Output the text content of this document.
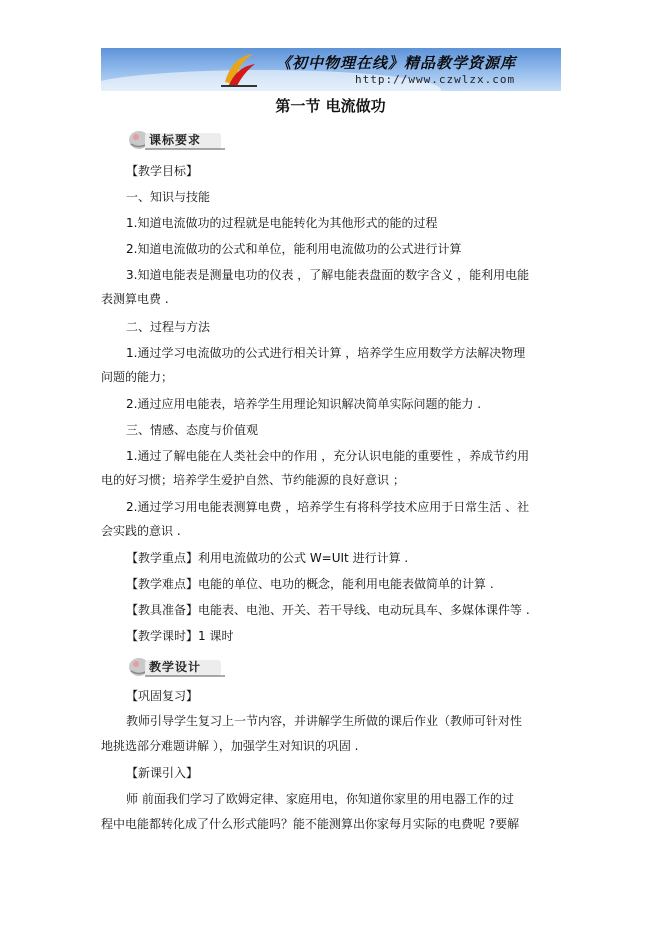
《初中物理在线》精品教学资源库
http://www.czwlzx.com
第一节 电流做功
课标要求
【教学目标】
一、知识与技能
1.知道电流做功的过程就是电能转化为其他形式的能的过程
2.知道电流做功的公式和单位，能利用电流做功的公式进行计算
3.知道电能表是测量电功的仪表 ，了解电能表盘面的数字含义 ，能利用电能
表测算电费 .
二、过程与方法
1.通过学习电流做功的公式进行相关计算 ，培养学生应用数学方法解决物理
问题的能力；
2.通过应用电能表，培养学生用理论知识解决简单实际问题的能力 .
三、情感、态度与价值观
1.通过了解电能在人类社会中的作用 ，充分认识电能的重要性 ，养成节约用
电的好习惯；培养学生爱护自然、节约能源的良好意识 ；
2.通过学习用电能表测算电费 ，培养学生有将科学技术应用于日常生活 、社
会实践的意识 .
【教学重点】利用电流做功的公式 W=UIt 进行计算 .
【教学难点】电能的单位、电功的概念，能利用电能表做简单的计算 .
【教具准备】电能表、电池、开关、若干导线、电动玩具车、多媒体课件等 .
【教学课时】1 课时
教学设计
【巩固复习】
教师引导学生复习上一节内容，并讲解学生所做的课后作业（教师可针对性
地挑选部分难题讲解 ），加强学生对知识的巩固 .
【新课引入】
师 前面我们学习了欧姆定律、家庭用电，你知道你家里的用电器工作的过
程中电能都转化成了什么形式能吗？能不能测算出你家每月实际的电费呢 ?要解
